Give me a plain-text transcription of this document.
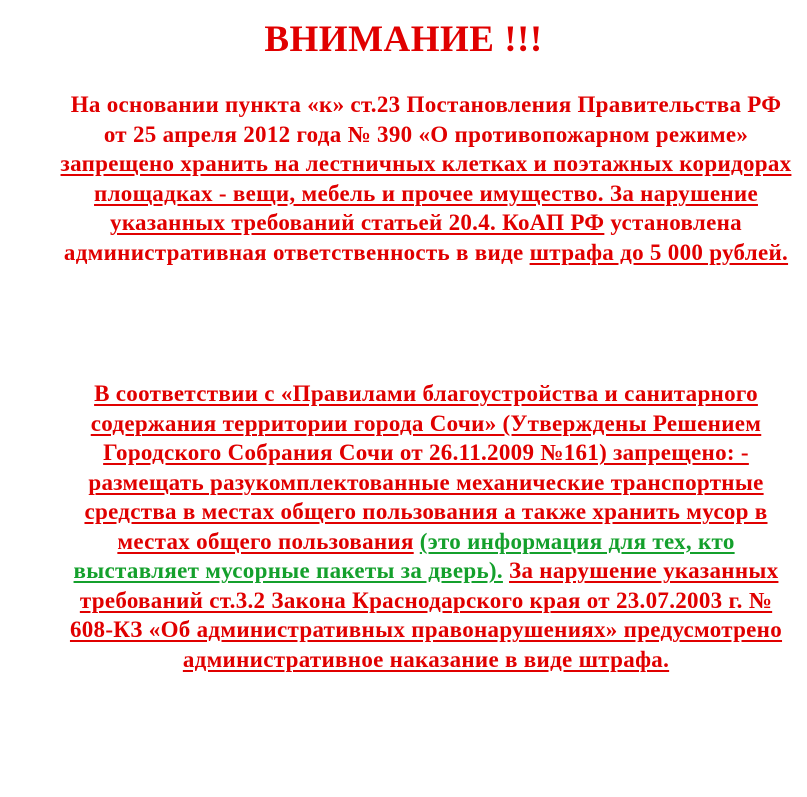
ВНИМАНИЕ !!!
На основании пункта «к» ст.23 Постановления Правительства РФ от 25 апреля 2012 года № 390 «О противопожарном режиме» запрещено хранить на лестничных клетках и поэтажных коридорах площадках - вещи, мебель и прочее имущество. За нарушение указанных требований статьей 20.4. КоАП РФ установлена административная ответственность в виде штрафа до 5 000 рублей.
В соответствии с «Правилами благоустройства и санитарного содержания территории города Сочи» (Утверждены Решением Городского Собрания Сочи от 26.11.2009 №161) запрещено: - размещать разукомплектованные механические транспортные средства в местах общего пользования а также хранить мусор в местах общего пользования (это информация для тех, кто выставляет мусорные пакеты за дверь). За нарушение указанных требований ст.3.2 Закона Краснодарского края от 23.07.2003 г. № 608-КЗ «Об административных правонарушениях» предусмотрено административное наказание в виде штрафа.
